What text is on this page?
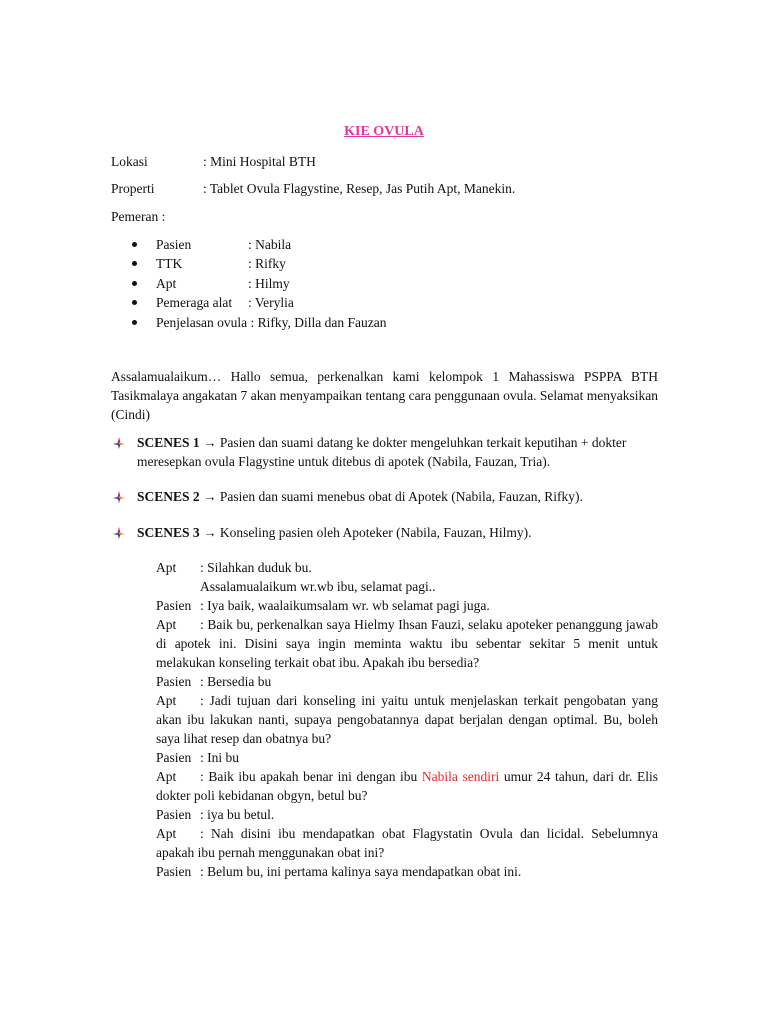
KIE OVULA
Lokasi	: Mini Hospital BTH
Properti	: Tablet Ovula Flagystine, Resep, Jas Putih Apt, Manekin.
Pemeran :
Pasien	: Nabila
TTK	: Rifky
Apt	: Hilmy
Pemeraga alat : Verylia
Penjelasan ovula : Rifky, Dilla dan Fauzan
Assalamualaikum… Hallo semua, perkenalkan kami kelompok 1 Mahassiswa PSPPA BTH Tasikmalaya angakatan 7 akan menyampaikan tentang cara penggunaan ovula. Selamat menyaksikan (Cindi)
SCENES 1 → Pasien dan suami datang ke dokter mengeluhkan terkait keputihan + dokter meresepkan ovula Flagystine untuk ditebus di apotek (Nabila, Fauzan, Tria).
SCENES 2 → Pasien dan suami menebus obat di Apotek (Nabila, Fauzan, Rifky).
SCENES 3 → Konseling pasien oleh Apoteker (Nabila, Fauzan, Hilmy).

Apt : Silahkan duduk bu.

Assalamualaikum wr.wb ibu, selamat pagi..

Pasien : Iya baik, waalaikumsalam wr. wb selamat pagi juga.

Apt : Baik bu, perkenalkan saya Hielmy Ihsan Fauzi, selaku apoteker penanggung jawab di apotek ini. Disini saya ingin meminta waktu ibu sebentar sekitar 5 menit untuk melakukan konseling terkait obat ibu. Apakah ibu bersedia?

Pasien : Bersedia bu

Apt : Jadi tujuan dari konseling ini yaitu untuk menjelaskan terkait pengobatan yang akan ibu lakukan nanti, supaya pengobatannya dapat berjalan dengan optimal. Bu, boleh saya lihat resep dan obatnya bu?

Pasien : Ini bu

Apt : Baik ibu apakah benar ini dengan ibu Nabila sendiri umur 24 tahun, dari dr. Elis dokter poli kebidanan obgyn, betul bu?

Pasien : iya bu betul.

Apt : Nah disini ibu mendapatkan obat Flagystatin Ovula dan licidal. Sebelumnya apakah ibu pernah menggunakan obat ini?

Pasien : Belum bu, ini pertama kalinya saya mendapatkan obat ini.
